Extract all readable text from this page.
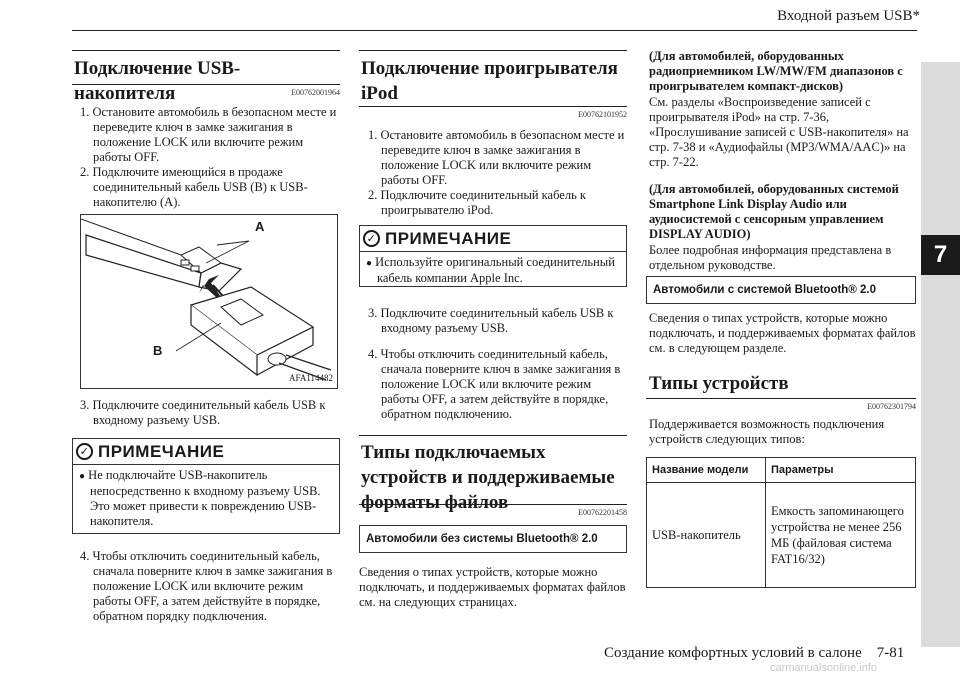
Входной разъем USB*
7
Подключение USB-накопителя	E00762001964
1. Остановите автомобиль в безопасном месте и переведите ключ в замке зажигания в положение LOCK или включите режим работы OFF.
2. Подключите имеющийся в продаже соединительный кабель USB (B) к USB-накопителю (A).
A
B
AFA114482
3. Подключите соединительный кабель USB к входному разъему USB.
✓ ПРИМЕЧАНИЕ
● Не подключайте USB-накопитель непосредственно к входному разъему USB. Это может привести к повреждению USB-накопителя.
4. Чтобы отключить соединительный кабель, сначала поверните ключ в замке зажигания в положение LOCK или включите режим работы OFF, а затем действуйте в порядке, обратном порядку подключения.
Подключение проигрывателя iPod
E00762101952
1. Остановите автомобиль в безопасном месте и переведите ключ в замке зажигания в положение LOCK или включите режим работы OFF.
2. Подключите соединительный кабель к проигрывателю iPod.
✓ ПРИМЕЧАНИЕ
● Используйте оригинальный соединительный кабель компании Apple Inc.
3. Подключите соединительный кабель USB к входному разъему USB.
4. Чтобы отключить соединительный кабель, сначала поверните ключ в замке зажигания в положение LOCK или включите режим работы OFF, а затем действуйте в порядке, обратном подключению.
Типы подключаемых устройств и поддерживаемые форматы файлов	E00762201458
Автомобили без системы Bluetooth® 2.0
Сведения о типах устройств, которые можно подключать, и поддерживаемых форматах файлов см. на следующих страницах.
(Для автомобилей, оборудованных радиоприемником LW/MW/FM диапазонов с проигрывателем компакт-дисков)
См. разделы «Воспроизведение записей с проигрывателя iPod» на стр. 7-36, «Прослушивание записей с USB-накопителя» на стр. 7-38 и «Аудиофайлы (MP3/WMA/AAC)» на стр. 7-22.
(Для автомобилей, оборудованных системой Smartphone Link Display Audio или аудиосистемой с сенсорным управлением DISPLAY AUDIO)
Более подробная информация представлена в отдельном руководстве.
Автомобили с системой Bluetooth® 2.0
Сведения о типах устройств, которые можно подключать, и поддерживаемых форматах файлов см. в следующем разделе.
Типы устройств
E00762301794
Поддерживается возможность подключения устройств следующих типов:
Название модели	Параметры
USB-накопитель	Емкость запоминающего устройства не менее 256 МБ (файловая система FAT16/32)
Создание комфортных условий в салоне    7-81
carmanualsonline.info
